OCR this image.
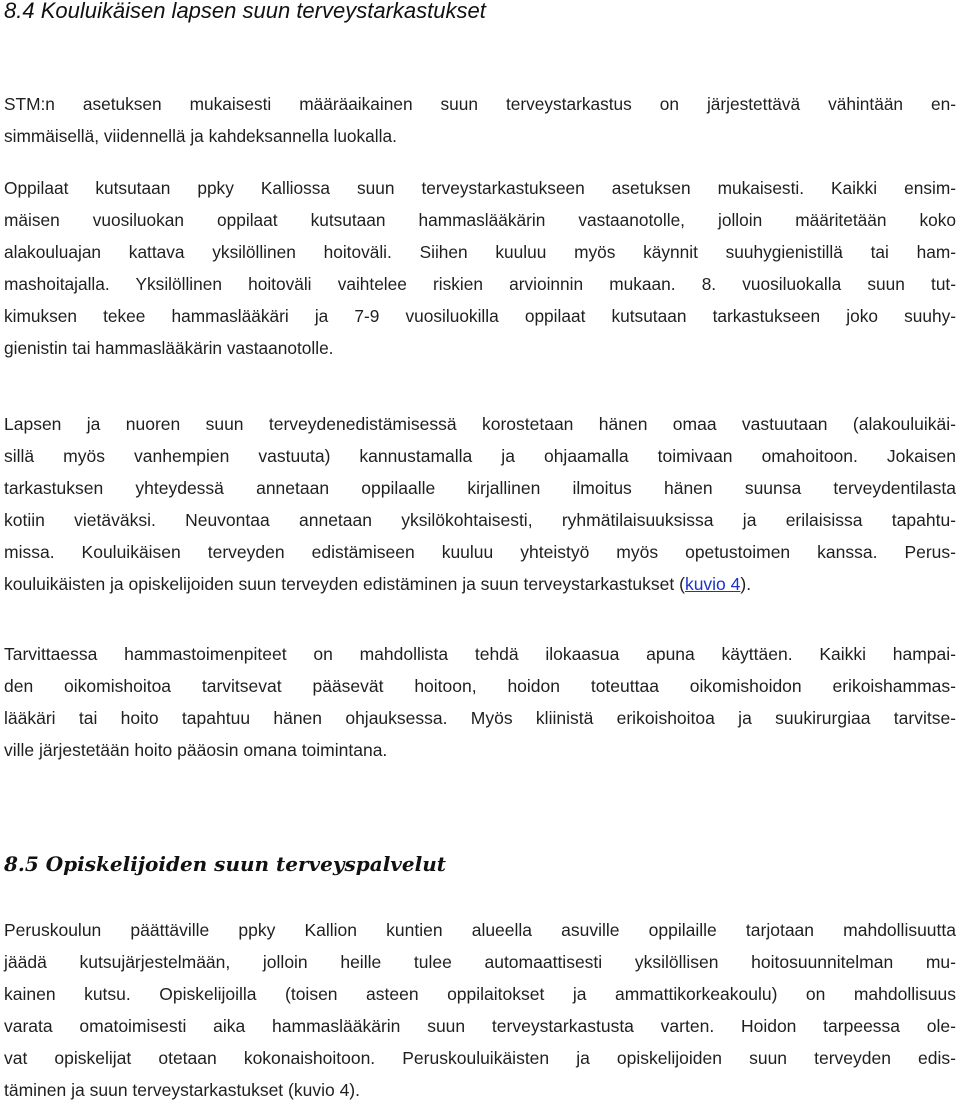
8.4 Kouluikäisen lapsen suun terveystarkastukset
STM:n asetuksen mukaisesti määräaikainen suun terveystarkastus on järjestettävä vähintään en-
simmäisellä, viidennellä ja kahdeksannella luokalla.
Oppilaat kutsutaan ppky Kalliossa suun terveystarkastukseen asetuksen mukaisesti. Kaikki ensim-
mäisen vuosiluokan oppilaat kutsutaan hammaslääkärin vastaanotolle, jolloin määritetään koko
alakouluajan kattava yksilöllinen hoitoväli. Siihen kuuluu myös käynnit suuhygienistillä tai ham-
mashoitajalla. Yksilöllinen hoitoväli vaihtelee riskien arvioinnin mukaan. 8. vuosiluokalla suun tut-
kimuksen tekee hammaslääkäri ja 7-9 vuosiluokilla oppilaat kutsutaan tarkastukseen joko suuhy-
gienistin tai hammaslääkärin vastaanotolle.
Lapsen ja nuoren suun terveydenedistämisessä korostetaan hänen omaa vastuutaan (alakouluikäi-
sillä myös vanhempien vastuuta) kannustamalla ja ohjaamalla toimivaan omahoitoon. Jokaisen
tarkastuksen yhteydessä annetaan oppilaalle kirjallinen ilmoitus hänen suunsa terveydentilasta
kotiin vietäväksi. Neuvontaa annetaan yksilökohtaisesti, ryhmätilaisuuksissa ja erilaisissa tapahtu-
missa. Kouluikäisen terveyden edistämiseen kuuluu yhteistyö myös opetustoimen kanssa. Perus-
kouluikäisten ja opiskelijoiden suun terveyden edistäminen ja suun terveystarkastukset (kuvio 4).
Tarvittaessa hammastoimenpiteet on mahdollista tehdä ilokaasua apuna käyttäen. Kaikki hampai-
den oikomishoitoa tarvitsevat pääsevät hoitoon, hoidon toteuttaa oikomishoidon erikoishammas-
lääkäri tai hoito tapahtuu hänen ohjauksessa. Myös kliinistä erikoishoitoa ja suukirurgiaa tarvitse-
ville järjestetään hoito pääosin omana toimintana.
8.5 Opiskelijoiden suun terveyspalvelut
Peruskoulun päättäville ppky Kallion kuntien alueella asuville oppilaille tarjotaan mahdollisuutta
jäädä kutsujärjestelmään, jolloin heille tulee automaattisesti yksilöllisen hoitosuunnitelman mu-
kainen kutsu. Opiskelijoilla (toisen asteen oppilaitokset ja ammattikorkeakoulu) on mahdollisuus
varata omatoimisesti aika hammaslääkärin suun terveystarkastusta varten. Hoidon tarpeessa ole-
vat opiskelijat otetaan kokonaishoitoon. Peruskouluikäisten ja opiskelijoiden suun terveyden edis-
täminen ja suun terveystarkastukset (kuvio 4).
